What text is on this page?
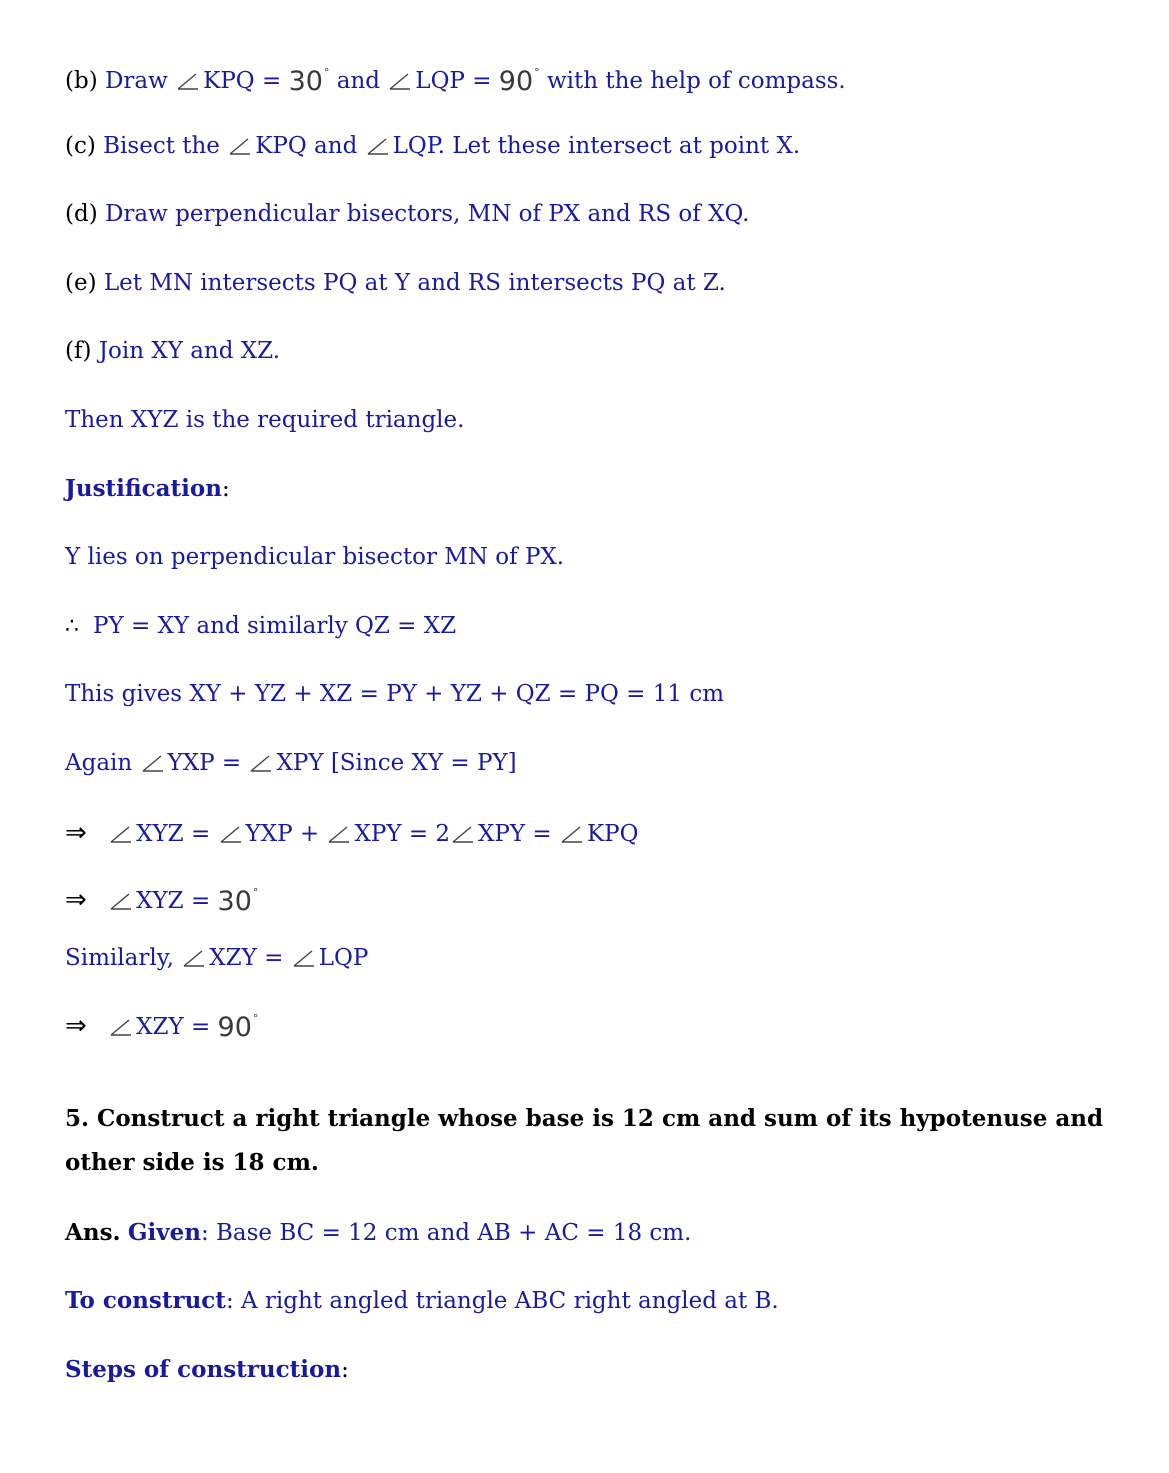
(b) Draw KPQ = 30° and LQP = 90° with the help of compass.
(c) Bisect the KPQ and LQP. Let these intersect at point X.
(d) Draw perpendicular bisectors, MN of PX and RS of XQ.
(e) Let MN intersects PQ at Y and RS intersects PQ at Z.
(f) Join XY and XZ.
Then XYZ is the required triangle.
Justification:
Y lies on perpendicular bisector MN of PX.
∴ PY = XY and similarly QZ = XZ
This gives XY + YZ + XZ = PY + YZ + QZ = PQ = 11 cm
Again YXP = XPY [Since XY = PY]
⇒ XYZ = YXP + XPY = 2 XPY = KPQ
⇒ XYZ = 30°
Similarly, XZY = LQP
⇒ XZY = 90°
5. Construct a right triangle whose base is 12 cm and sum of its hypotenuse and other side is 18 cm.
Ans. Given: Base BC = 12 cm and AB + AC = 18 cm.
To construct: A right angled triangle ABC right angled at B.
Steps of construction:
